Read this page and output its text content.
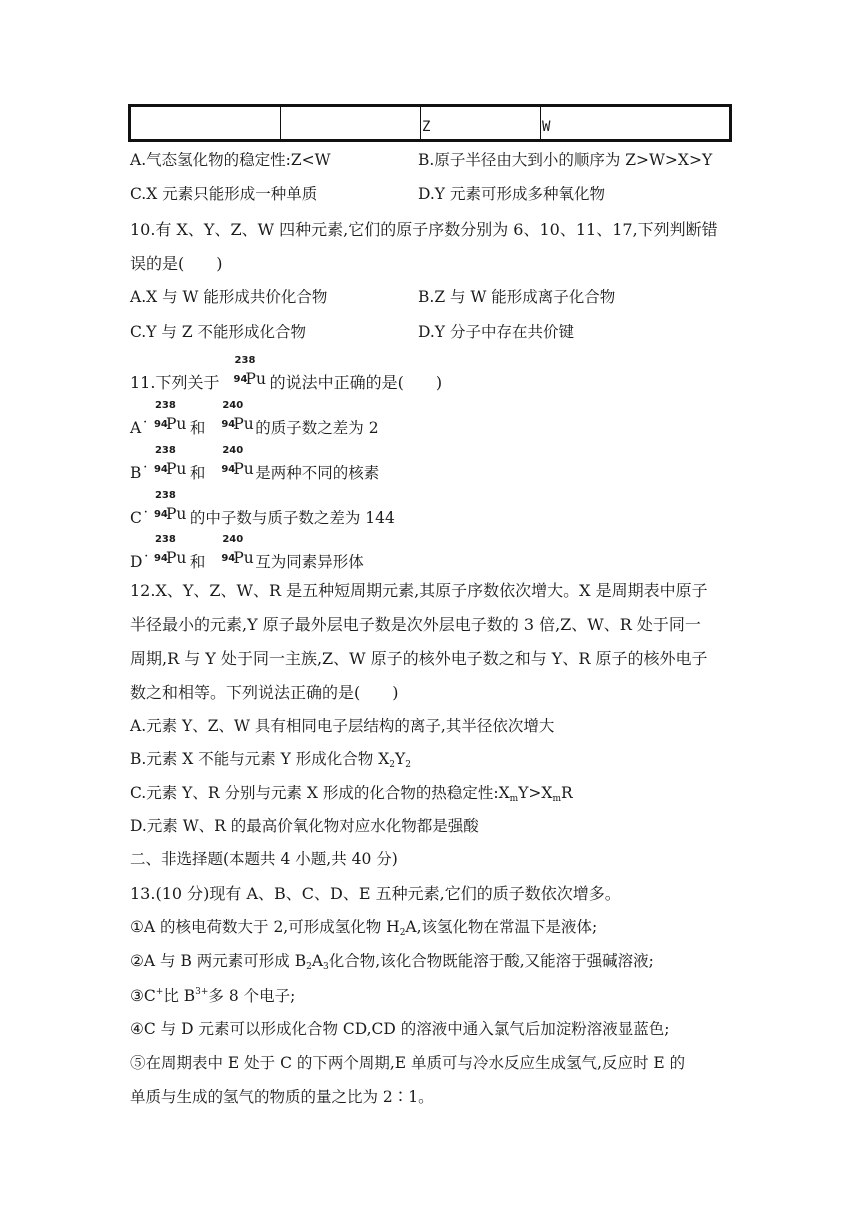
Z	W
A.气态氢化物的稳定性:Z<W	B.原子半径由大到小的顺序为 Z>W>X>Y
C.X 元素只能形成一种单质	D.Y 元素可形成多种氧化物
10.有 X、Y、Z、W 四种元素,它们的原子序数分别为 6、10、11、17,下列判断错
误的是(　　)
A.X 与 W 能形成共价化合物	B.Z 与 W 能形成离子化合物
C.Y 与 Z 不能形成化合物	D.Y 分子中存在共价键
11.下列关于
238
94
Pu 的说法中正确的是(　　)
A˙
238
94
Pu 和
240
94
Pu 的质子数之差为 2
B˙
238
94
Pu 和
240
94
Pu 是两种不同的核素
C˙
238
94
Pu 的中子数与质子数之差为 144
D˙
238
94
Pu 和
240
94
Pu 互为同素异形体
12.X、Y、Z、W、R 是五种短周期元素,其原子序数依次增大。X 是周期表中原子
半径最小的元素,Y 原子最外层电子数是次外层电子数的 3 倍,Z、W、R 处于同一
周期,R 与 Y 处于同一主族,Z、W 原子的核外电子数之和与 Y、R 原子的核外电子
数之和相等。下列说法正确的是(　　)
A.元素 Y、Z、W 具有相同电子层结构的离子,其半径依次增大
B.元素 X 不能与元素 Y 形成化合物 $X_2Y_2$
C.元素 Y、R 分别与元素 X 形成的化合物的热稳定性$:X_mY>X_mR$
D.元素 W、R 的最高价氧化物对应水化物都是强酸
二、非选择题(本题共 4 小题,共 40 分)
13.(10 分)现有 A、B、C、D、E 五种元素,它们的质子数依次增多。
①A 的核电荷数大于 2,可形成氢化物 $H_2A$,该氢化物在常温下是液体;
②A 与 B 两元素可形成 $B_2A_3$化合物,该化合物既能溶于酸,又能溶于强碱溶液;
③C+比 $B^{3+}$多 8 个电子;
④C 与 D 元素可以形成化合物 CD,CD 的溶液中通入氯气后加淀粉溶液显蓝色;
⑤在周期表中 E 处于 C 的下两个周期,E 单质可与冷水反应生成氢气,反应时 E 的
单质与生成的氢气的物质的量之比为 2∶1。
